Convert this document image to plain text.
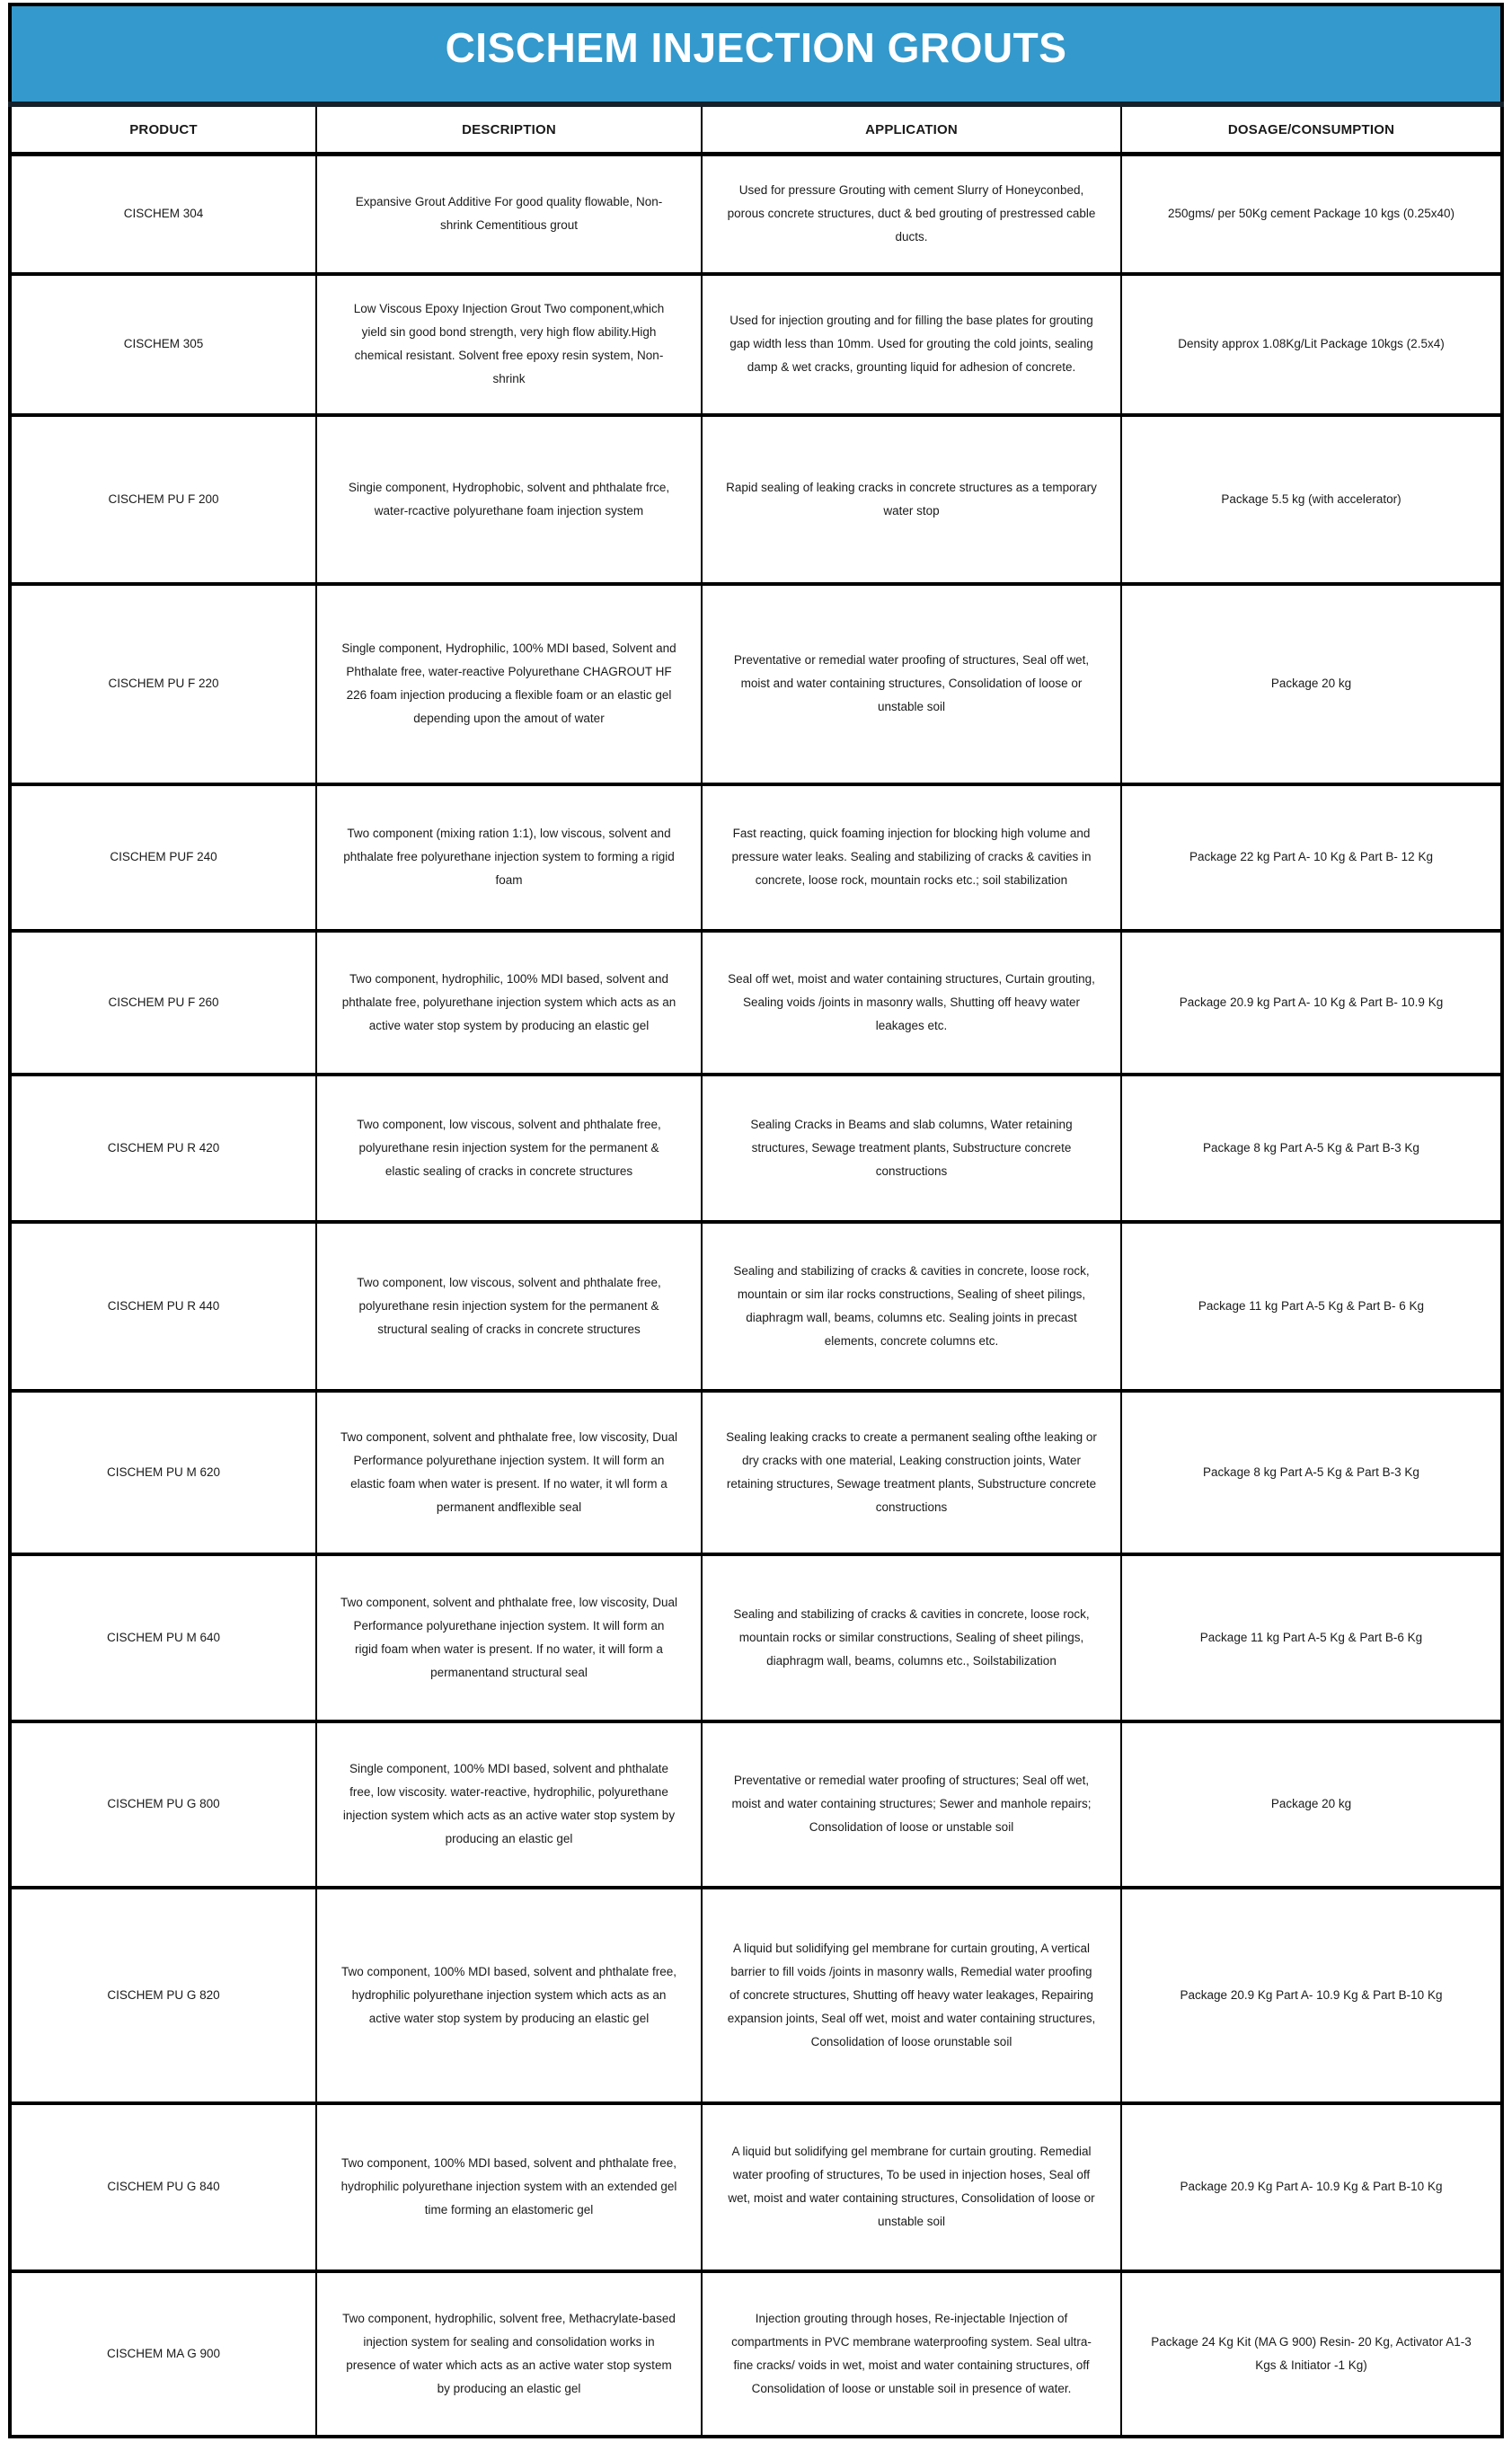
CISCHEM INJECTION GROUTS			
PRODUCT	DESCRIPTION	APPLICATION	DOSAGE/CONSUMPTION
CISCHEM 304	Expansive Grout Additive For good quality flowable, Non-shrink Cementitious grout	Used for pressure Grouting with cement Slurry of Honeyconbed, porous concrete structures, duct & bed grouting of prestressed cable ducts.	250gms/ per 50Kg cement Package 10 kgs (0.25x40)
CISCHEM 305	Low Viscous Epoxy Injection Grout Two component,which yield sin good bond strength, very high flow ability.High chemical resistant. Solvent free epoxy resin system, Non-shrink	Used for injection grouting and for filling the base plates for grouting gap width less than 10mm. Used for grouting the cold joints, sealing damp & wet cracks, grounting liquid for adhesion of concrete.	Density approx 1.08Kg/Lit Package 10kgs (2.5x4)
CISCHEM PU F 200	Singie component, Hydrophobic, solvent and phthalate frce, water-rcactive polyurethane foam injection system	Rapid sealing of leaking cracks in concrete structures as a temporary water stop	Package 5.5 kg (with accelerator)
CISCHEM PU F 220	Single component, Hydrophilic, 100% MDI based, Solvent and Phthalate free, water-reactive Polyurethane CHAGROUT HF 226 foam injection producing a flexible foam or an elastic gel depending upon the amout of water	Preventative or remedial water proofing of structures, Seal off wet, moist and water containing structures, Consolidation of loose or unstable soil	Package 20 kg
CISCHEM PUF 240	Two component (mixing ration 1:1), low viscous, solvent and phthalate free polyurethane injection system to forming a rigid foam	Fast reacting, quick foaming injection for blocking high volume and pressure water leaks. Sealing and stabilizing of cracks & cavities in concrete, loose rock, mountain rocks etc.; soil stabilization	Package 22 kg Part A- 10 Kg & Part B- 12 Kg
CISCHEM PU F 260	Two component, hydrophilic, 100% MDI based, solvent and phthalate free, polyurethane injection system which acts as an active water stop system by producing an elastic gel	Seal off wet, moist and water containing structures, Curtain grouting, Sealing voids /joints in masonry walls, Shutting off heavy water leakages etc.	Package 20.9 kg Part A- 10 Kg & Part B- 10.9 Kg
CISCHEM PU R 420	Two component, low viscous, solvent and phthalate free, polyurethane resin injection system for the permanent & elastic sealing of cracks in concrete structures	Sealing Cracks in Beams and slab columns, Water retaining structures, Sewage treatment plants, Substructure concrete constructions	Package 8 kg Part A-5 Kg & Part B-3 Kg
CISCHEM PU R 440	Two component, low viscous, solvent and phthalate free, polyurethane resin injection system for the permanent & structural sealing of cracks in concrete structures	Sealing and stabilizing of cracks & cavities in concrete, loose rock, mountain or sim ilar rocks constructions, Sealing of sheet pilings, diaphragm wall, beams, columns etc. Sealing joints in precast elements, concrete columns etc.	Package 11 kg Part A-5 Kg & Part B- 6 Kg
CISCHEM PU M 620	Two component, solvent and phthalate free, low viscosity, Dual Performance polyurethane injection system. It will form an elastic foam when water is present. If no water, it wll form a permanent andflexible seal	Sealing leaking cracks to create a permanent sealing ofthe leaking or dry cracks with one material, Leaking construction joints, Water retaining structures, Sewage treatment plants, Substructure concrete constructions	Package 8 kg Part A-5 Kg & Part B-3 Kg
CISCHEM PU M 640	Two component, solvent and phthalate free, low viscosity, Dual Performance polyurethane injection system. It will form an rigid foam when water is present. If no water, it will form a permanentand structural seal	Sealing and stabilizing of cracks & cavities in concrete, loose rock, mountain rocks or similar constructions, Sealing of sheet pilings, diaphragm wall, beams, columns etc., Soilstabilization	Package 11 kg Part A-5 Kg & Part B-6 Kg
CISCHEM PU G 800	Single component, 100% MDI based, solvent and phthalate free, low viscosity. water-reactive, hydrophilic, polyurethane injection system which acts as an active water stop system by producing an elastic gel	Preventative or remedial water proofing of structures; Seal off wet, moist and water containing structures; Sewer and manhole repairs; Consolidation of loose or unstable soil	Package 20 kg
CISCHEM PU G 820	Two component, 100% MDI based, solvent and phthalate free, hydrophilic polyurethane injection system which acts as an active water stop system by producing an elastic gel	A liquid but solidifying gel membrane for curtain grouting, A vertical barrier to fill voids /joints in masonry walls, Remedial water proofing of concrete structures, Shutting off heavy water leakages, Repairing expansion joints, Seal off wet, moist and water containing structures, Consolidation of loose orunstable soil	Package 20.9 Kg Part A- 10.9 Kg & Part B-10 Kg
CISCHEM PU G 840	Two component, 100% MDI based, solvent and phthalate free, hydrophilic polyurethane injection system with an extended gel time forming an elastomeric gel	A liquid but solidifying gel membrane for curtain grouting. Remedial water proofing of structures, To be used in injection hoses, Seal off wet, moist and water containing structures, Consolidation of loose or unstable soil	Package 20.9 Kg Part A- 10.9 Kg & Part B-10 Kg
CISCHEM MA G 900	Two component, hydrophilic, solvent free, Methacrylate-based injection system for sealing and consolidation works in presence of water which acts as an active water stop system by producing an elastic gel	Injection grouting through hoses, Re-injectable Injection of compartments in PVC membrane waterproofing system. Seal ultra-fine cracks/ voids in wet, moist and water containing structures, off Consolidation of loose or unstable soil in presence of water.	Package 24 Kg Kit (MA G 900) Resin- 20 Kg, Activator A1-3 Kgs & Initiator -1 Kg)
